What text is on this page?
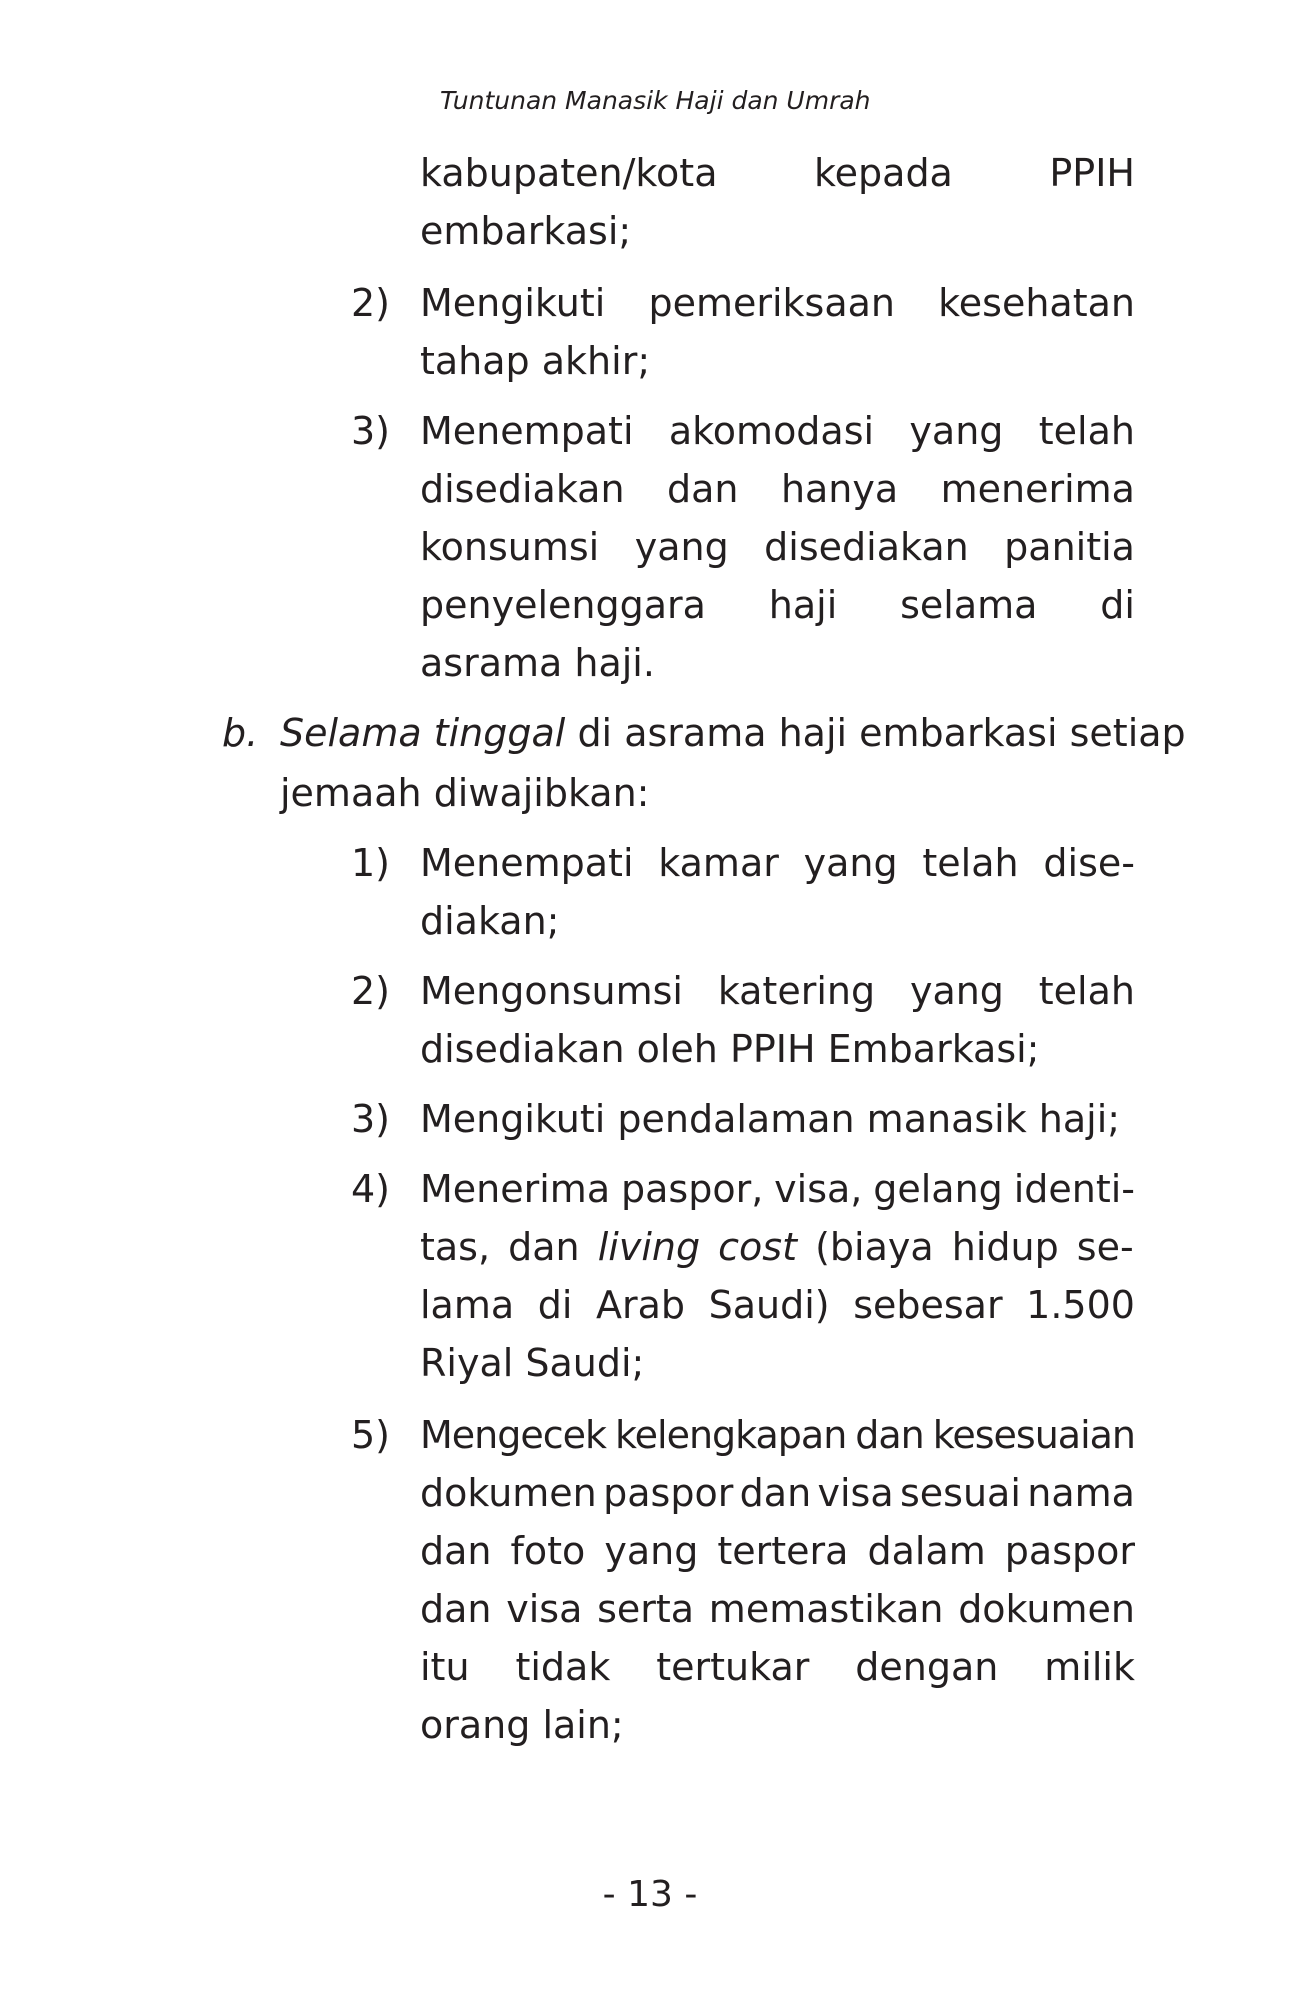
Tuntunan Manasik Haji dan Umrah
kabupaten/kota	kepada	PPIH
embarkasi;
2) Mengikuti pemeriksaan kesehatan
tahap akhir;
3) Menempati akomodasi yang telah
disediakan dan hanya menerima
konsumsi yang disediakan panitia
penyelenggara haji selama di
asrama haji.
b. Selama tinggal di asrama haji embarkasi setiap
jemaah diwajibkan:
1) Menempati kamar yang telah dise-
diakan;
2) Mengonsumsi katering yang telah
disediakan oleh PPIH Embarkasi;
3) Mengikuti pendalaman manasik haji;
4) Menerima paspor, visa, gelang identi-
tas, dan living cost (biaya hidup se-
lama di Arab Saudi) sebesar 1.500
Riyal Saudi;
5) Mengecek kelengkapan dan kesesuaian
dokumen paspor dan visa sesuai nama
dan foto yang tertera dalam paspor
dan visa serta memastikan dokumen
itu tidak tertukar dengan milik
orang lain;
- 13 -
